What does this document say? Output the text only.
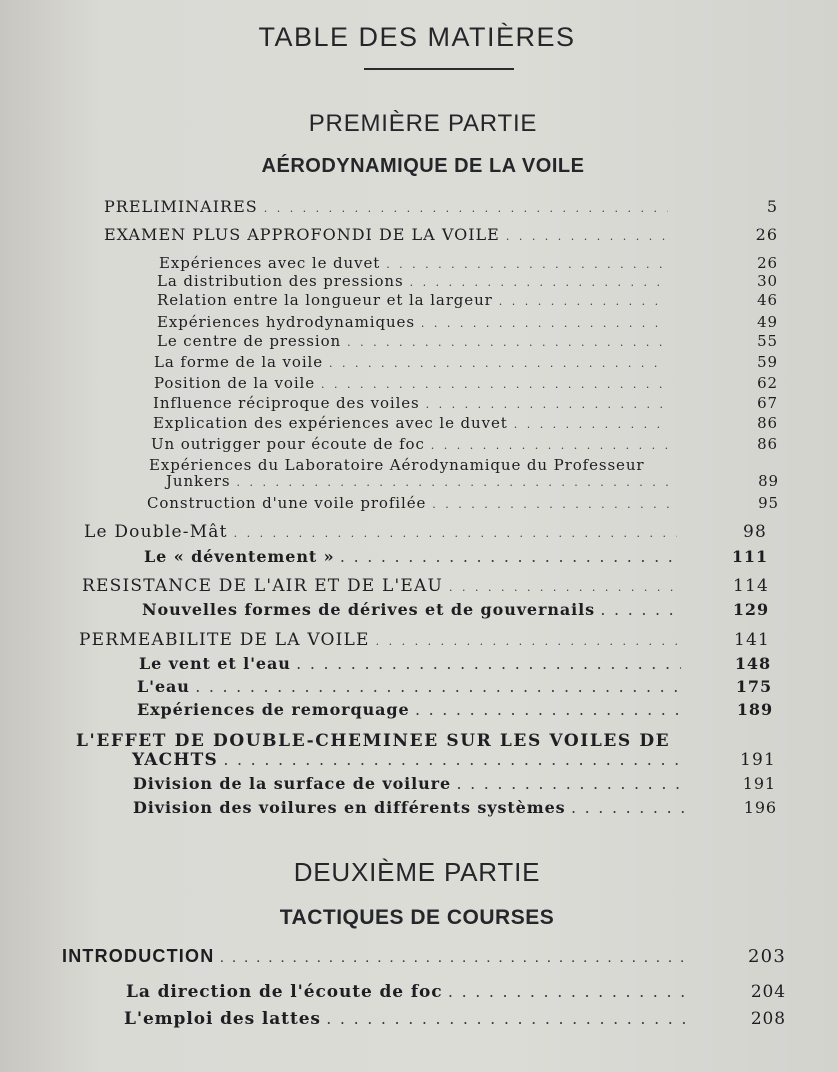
TABLE DES MATIÈRES
PREMIÈRE PARTIE
AÉRODYNAMIQUE DE LA VOILE
PRELIMINAIRES . . .	5
EXAMEN PLUS APPROFONDI DE LA VOILE . . .	26
Expériences avec le duvet . . .	26
La distribution des pressions . . .	30
Relation entre la longueur et la largeur . . .	46
Expériences hydrodynamiques . . .	49
Le centre de pression . . .	55
La forme de la voile . . .	59
Position de la voile . . .	62
Influence réciproque des voiles . . .	67
Explication des expériences avec le duvet . . .	86
Un outrigger pour écoute de foc . . .	86
Expériences du Laboratoire Aérodynamique du Professeur
Junkers . . .	89
Construction d'une voile profilée . . .	95
Le Double-Mât . . .	98
Le « déventement » . . .	111
RESISTANCE DE L'AIR ET DE L'EAU . . .	114
Nouvelles formes de dérives et de gouvernails . . .	129
PERMEABILITE DE LA VOILE . . .	141
Le vent et l'eau . . .	148
L'eau . . .	175
Expériences de remorquage . . .	189
L'EFFET DE DOUBLE-CHEMINEE SUR LES VOILES DE
YACHTS . . .	191
Division de la surface de voilure . . .	191
Division des voilures en différents systèmes . . .	196
DEUXIÈME PARTIE
TACTIQUES DE COURSES
INTRODUCTION . . .	203
La direction de l'écoute de foc . . .	204
L'emploi des lattes . . .	208
